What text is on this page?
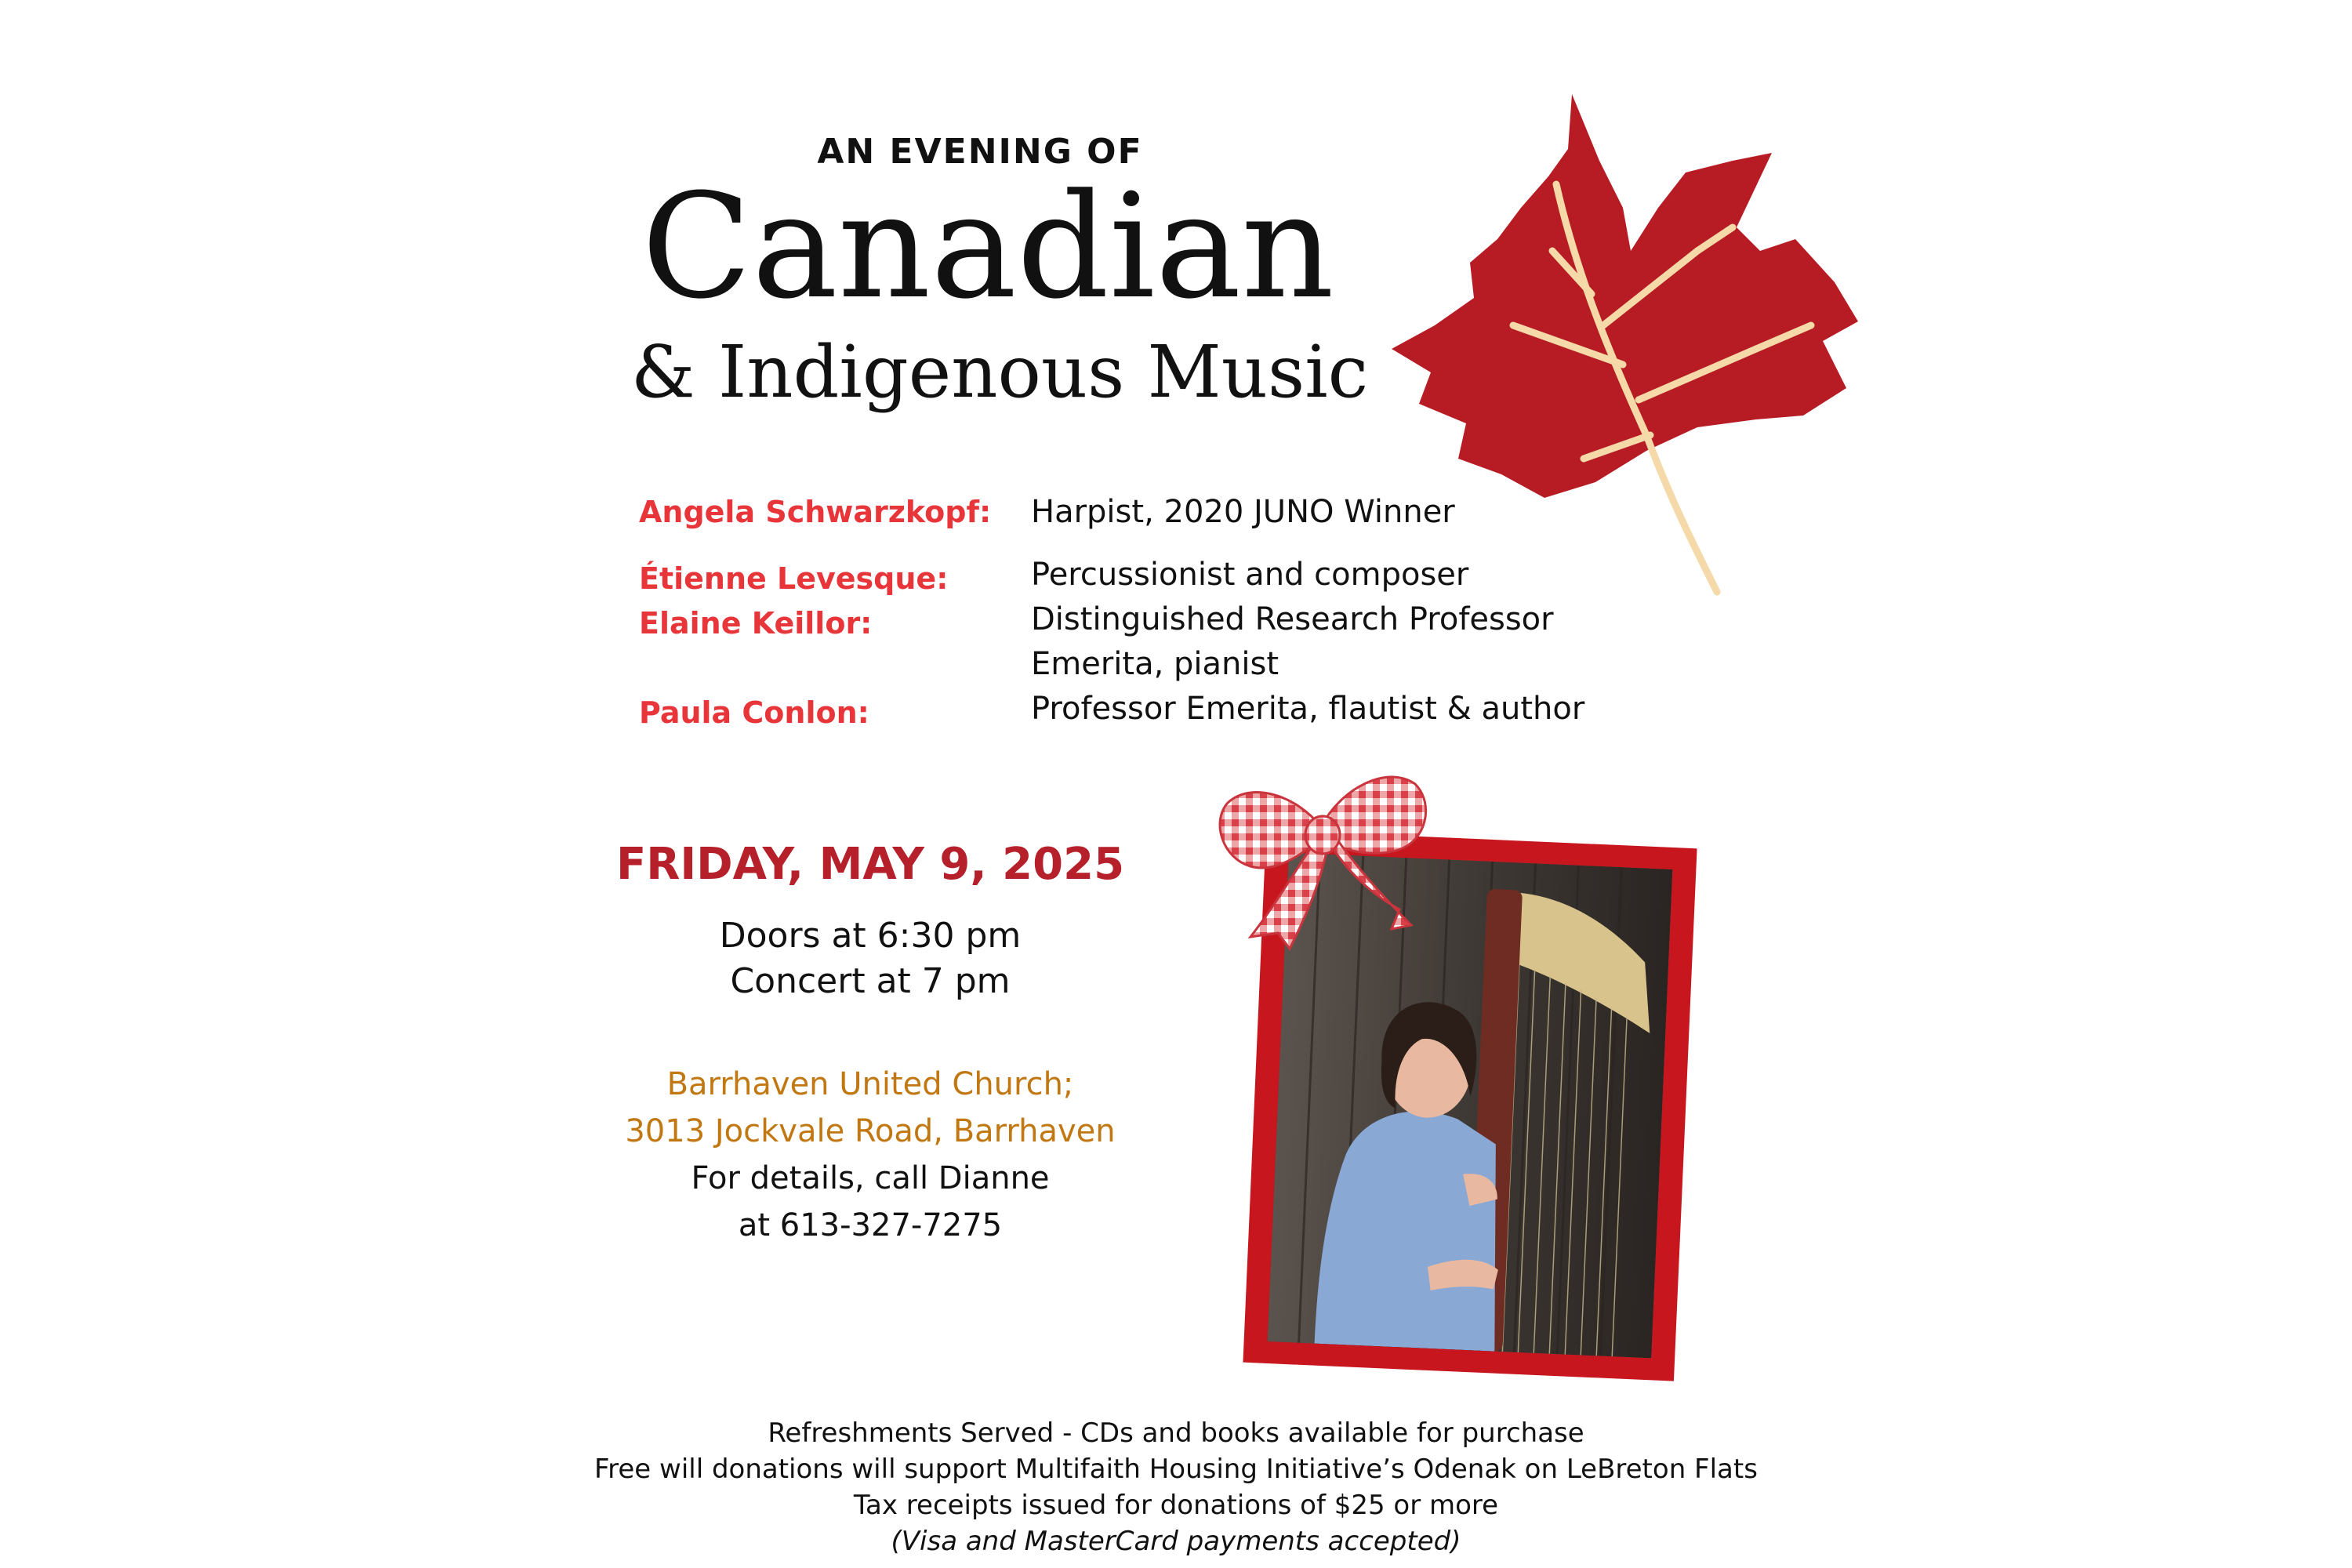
AN EVENING OF
Canadian
& Indigenous Music
Angela Schwarzkopf: Harpist, 2020 JUNO Winner
Étienne Levesque:	Percussionist and composer
Elaine Keillor:	Distinguished Research Professor
Emerita, pianist
Paula Conlon:	Professor Emerita, flautist & author
FRIDAY, MAY 9, 2025
Doors at 6:30 pm
Concert at 7 pm
Barrhaven United Church;
3013 Jockvale Road, Barrhaven
For details, call Dianne
at 613-327-7275
Refreshments Served - CDs and books available for purchase
Free will donations will support Multifaith Housing Initiative’s Odenak on LeBreton Flats
Tax receipts issued for donations of $25 or more
(Visa and MasterCard payments accepted)
